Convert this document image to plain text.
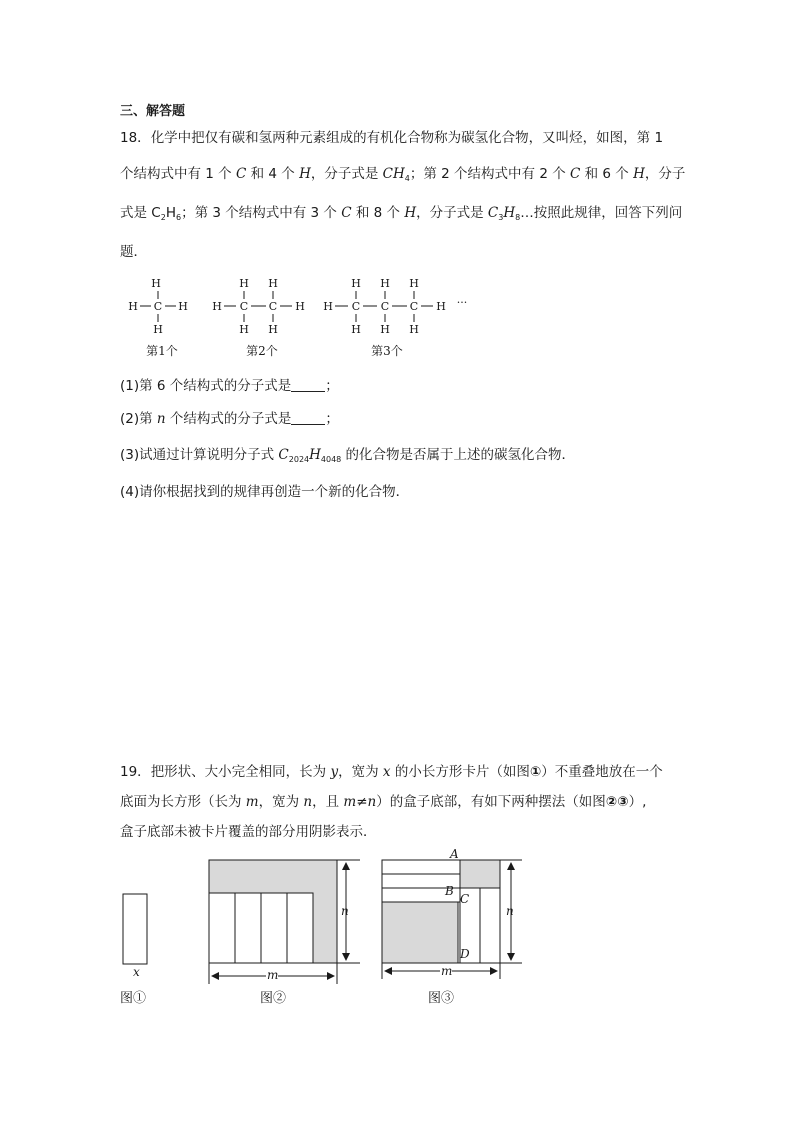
三、解答题
18．化学中把仅有碳和氢两种元素组成的有机化合物称为碳氢化合物，又叫烃，如图，第 1
个结构式中有 1 个 C 和 4 个 H，分子式是 $CH_4$；第 2 个结构式中有 2 个 C 和 6 个 H，分子
式是 $C_2H_6$；第 3 个结构式中有 3 个 C 和 8 个 H，分子式是 $C_3H_8\dots$按照此规律，回答下列问
题．
H
H C H
H
H
H
C
H
H
C
H
H H
H
C
H
H
C
H
H
C
H
H ···
第1个	第2个	第3个
(1)第 6 个结构式的分子式是	；
(2)第 n 个结构式的分子式是	；
(3)试通过计算说明分子式 $C_{2024}H_{4048}$ 的化合物是否属于上述的碳氢化合物．
(4)请你根据找到的规律再创造一个新的化合物．
19．把形状、大小完全相同，长为 y，宽为 x 的小长方形卡片（如图①）不重叠地放在一个
底面为长方形（长为 m，宽为 n，且 m≠n）的盒子底部，有如下两种摆法（如图②③）,
盒子底部未被卡片覆盖的部分用阴影表示．
x
图①
n
m
图②
A
B
C
D
n
m
图③
